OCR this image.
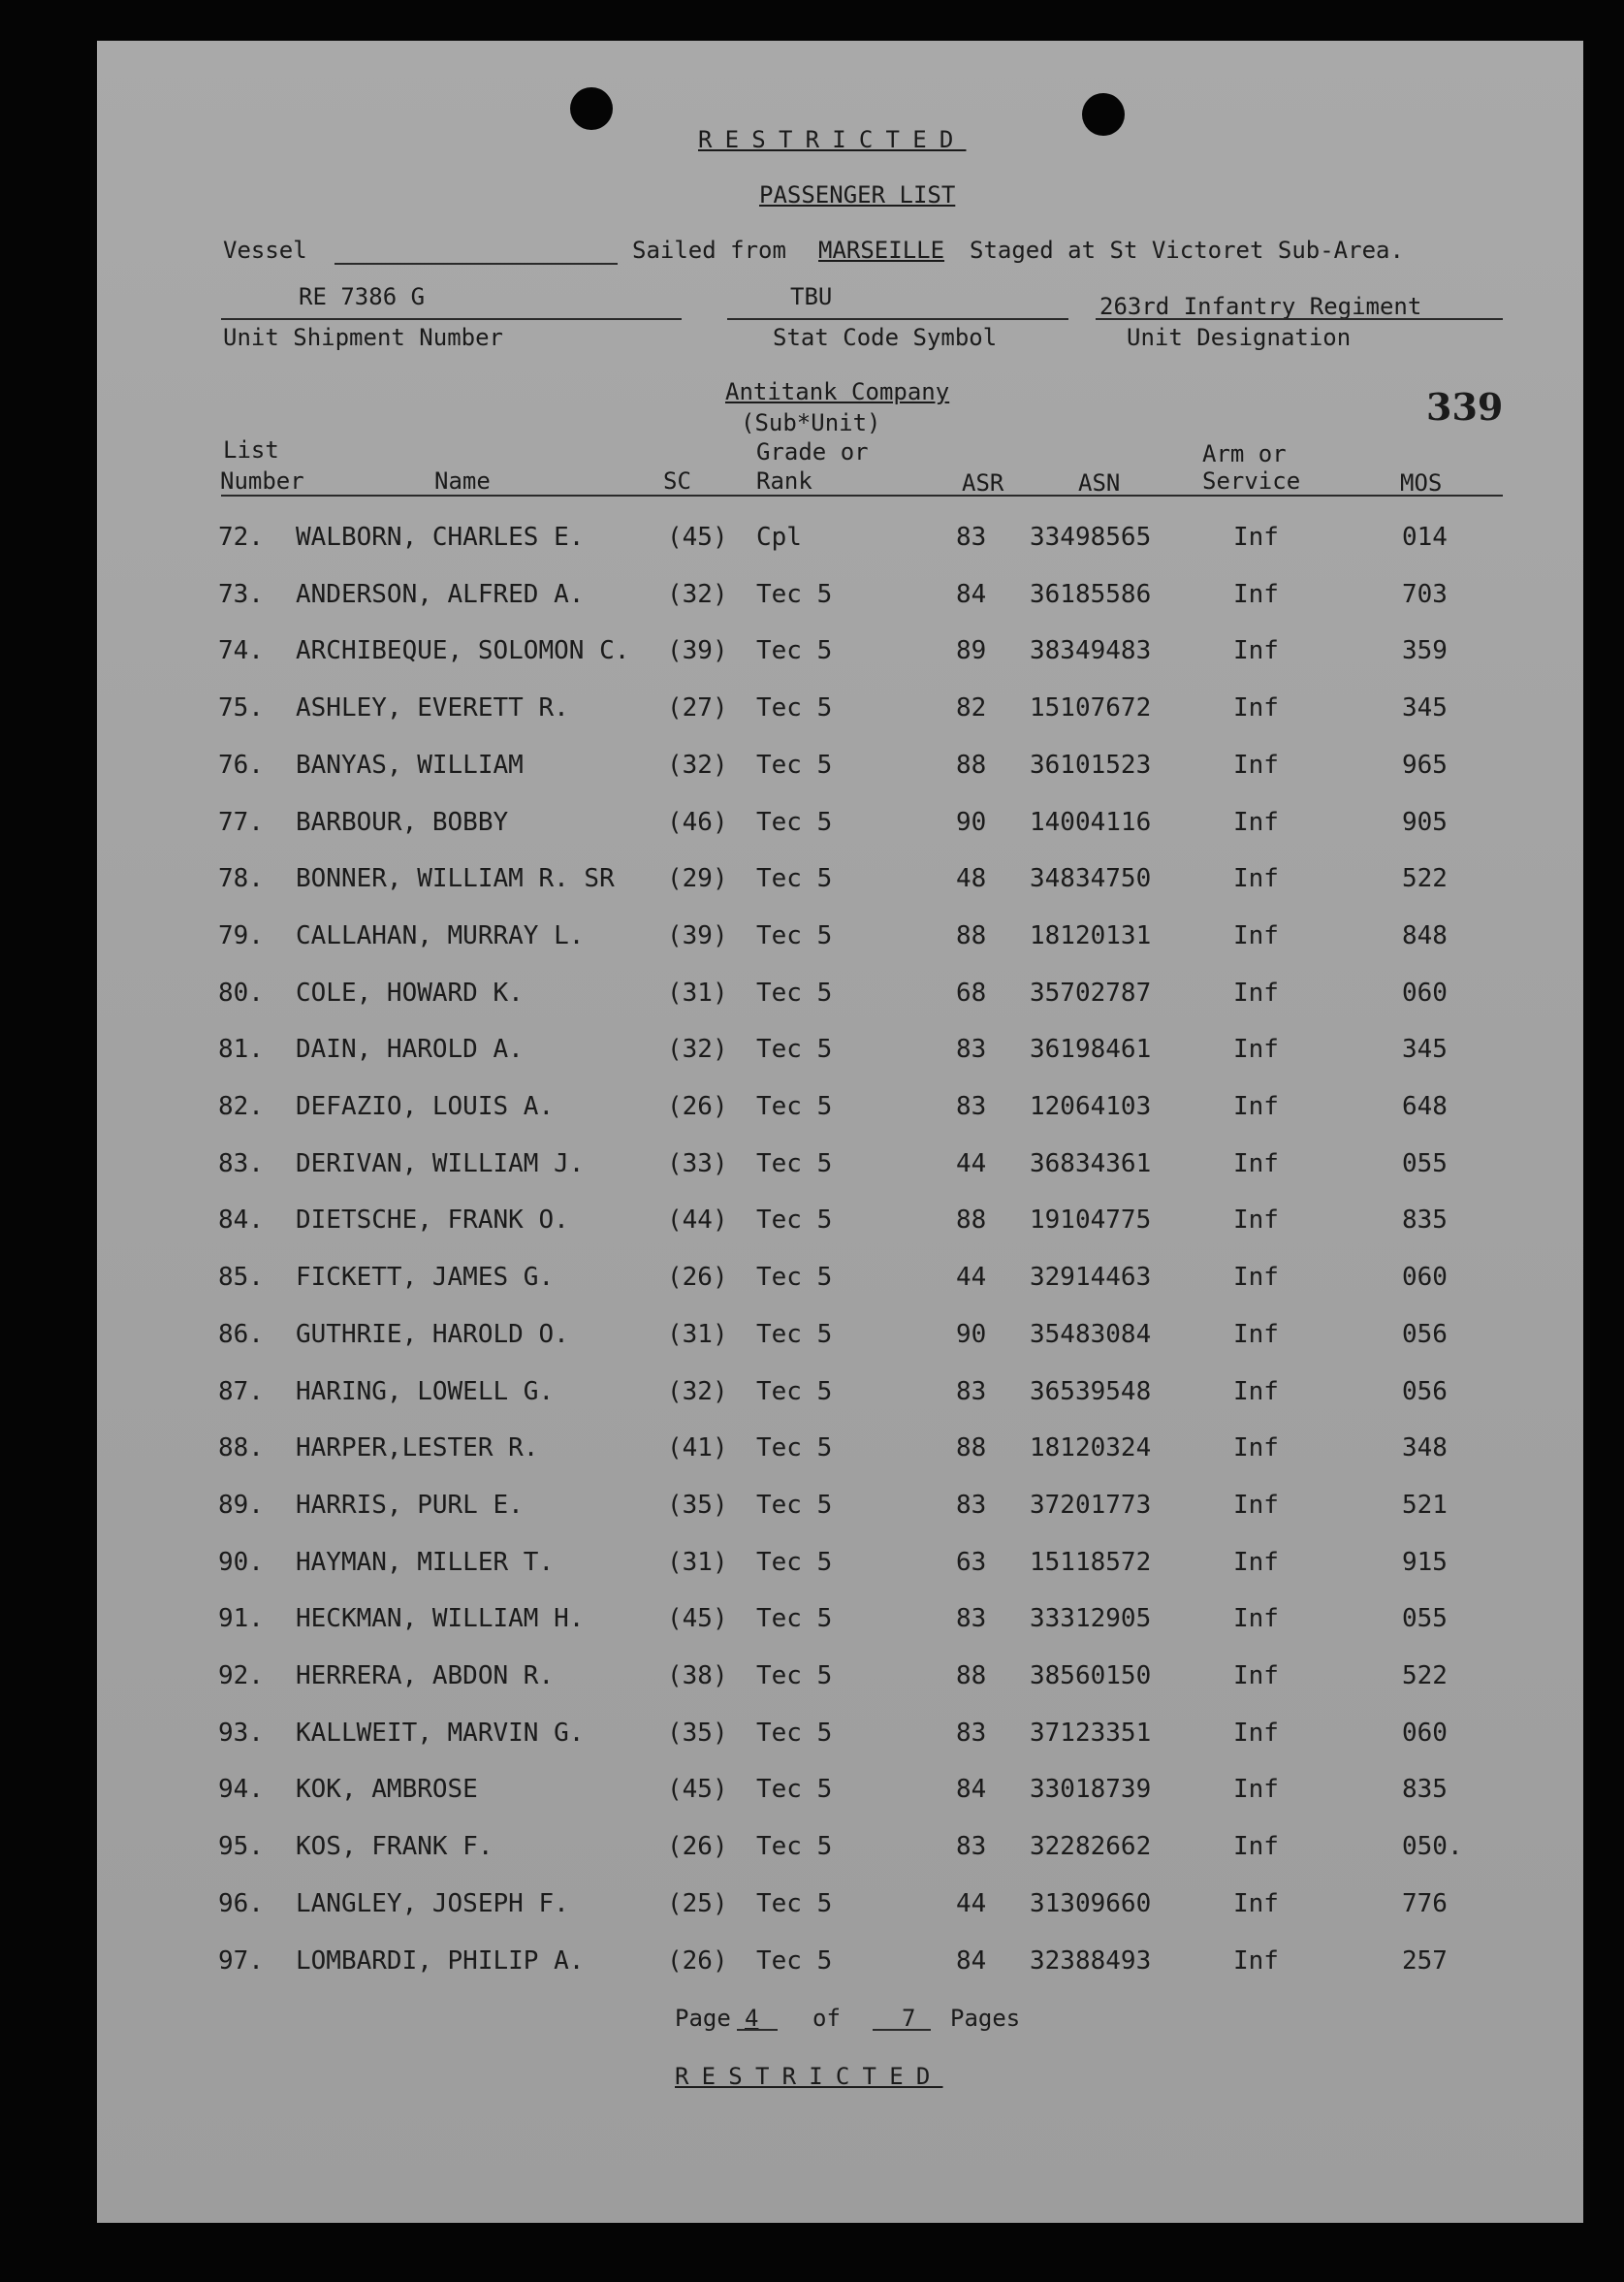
RESTRICTED
PASSENGER LIST
339
Vessel	Sailed from MARSEILLE Staged at St Victoret Sub-Area.
RE 7386 G
Unit Shipment Number
TBU
Stat Code Symbol
263rd Infantry Regiment
Unit Designation
Antitank Company
(Sub*Unit)
List
Number	Name	SC
Grade or
Rank	ASR	ASN
Arm or
Service	MOS
72. WALBORN, CHARLES E.	(45) Cpl	83 33498565	Inf	014
73. ANDERSON, ALFRED A.	(32) Tec 5	84 36185586	Inf	703
74. ARCHIBEQUE, SOLOMON C. (39) Tec 5	89 38349483	Inf	359
75. ASHLEY, EVERETT R.	(27) Tec 5	82 15107672	Inf	345
76. BANYAS, WILLIAM	(32) Tec 5	88 36101523	Inf	965
77. BARBOUR, BOBBY	(46) Tec 5	90 14004116	Inf	905
78. BONNER, WILLIAM R. SR (29) Tec 5	48 34834750	Inf	522
79. CALLAHAN, MURRAY L.	(39) Tec 5	88 18120131	Inf	848
80. COLE, HOWARD K.	(31) Tec 5	68 35702787	Inf	060
81. DAIN, HAROLD A.	(32) Tec 5	83 36198461	Inf	345
82. DEFAZIO, LOUIS A.	(26) Tec 5	83 12064103	Inf	648
83. DERIVAN, WILLIAM J.	(33) Tec 5	44 36834361	Inf	055
84. DIETSCHE, FRANK O.	(44) Tec 5	88 19104775	Inf	835
85. FICKETT, JAMES G.	(26) Tec 5	44 32914463	Inf	060
86. GUTHRIE, HAROLD O.	(31) Tec 5	90 35483084	Inf	056
87. HARING, LOWELL G.	(32) Tec 5	83 36539548	Inf	056
88. HARPER,LESTER R.	(41) Tec 5	88 18120324	Inf	348
89. HARRIS, PURL E.	(35) Tec 5	83 37201773	Inf	521
90. HAYMAN, MILLER T.	(31) Tec 5	63 15118572	Inf	915
91. HECKMAN, WILLIAM H.	(45) Tec 5	83 33312905	Inf	055
92. HERRERA, ABDON R.	(38) Tec 5	88 38560150	Inf	522
93. KALLWEIT, MARVIN G.	(35) Tec 5	83 37123351	Inf	060
94. KOK, AMBROSE	(45) Tec 5	84 33018739	Inf	835
95. KOS, FRANK F.	(26) Tec 5	83 32282662	Inf	050.
96. LANGLEY, JOSEPH F.	(25) Tec 5	44 31309660	Inf	776
97. LOMBARDI, PHILIP A.	(26) Tec 5	84 32388493	Inf	257
Page 4 of	7 Pages
RESTRICTED
